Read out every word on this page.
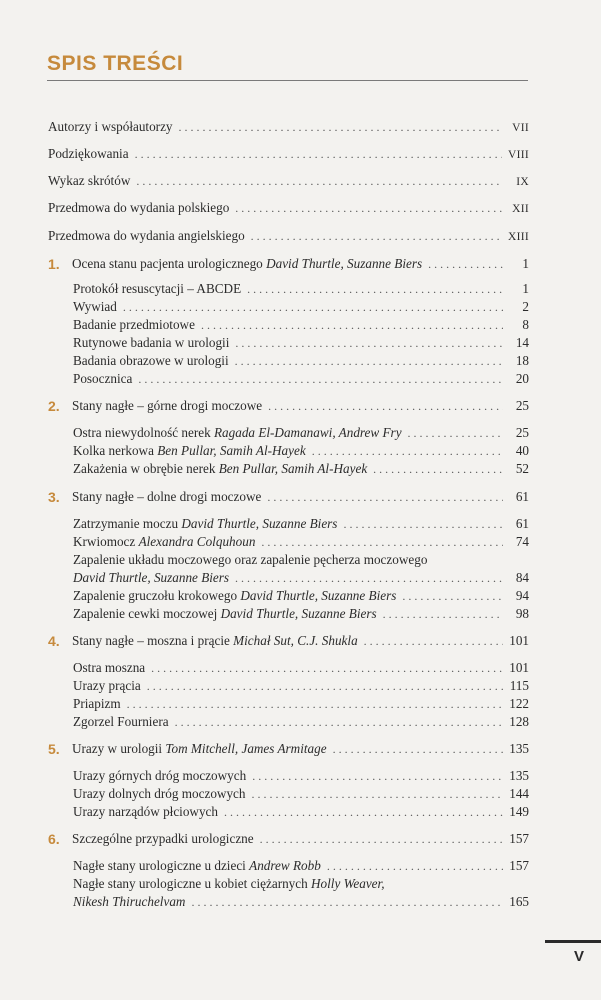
SPIS TREŚCI
Autorzy i współautorzy . . .	VII
Podziękowania . . .	VIII
Wykaz skrótów . . .	IX
Przedmowa do wydania polskiego . . .	XII
Przedmowa do wydania angielskiego . . .	XIII
1. Ocena stanu pacjenta urologicznego David Thurtle, Suzanne Biers . . .	1
Protokół resuscytacji – ABCDE . . .	1
Wywiad . . .	2
Badanie przedmiotowe . . .	8
Rutynowe badania w urologii . . .	14
Badania obrazowe w urologii . . .	18
Posocznica . . .	20
2. Stany nagłe – górne drogi moczowe . . .	25
Ostra niewydolność nerek Ragada El-Damanawi, Andrew Fry . . .	25
Kolka nerkowa Ben Pullar, Samih Al-Hayek . . .	40
Zakażenia w obrębie nerek Ben Pullar, Samih Al-Hayek . . .	52
3. Stany nagłe – dolne drogi moczowe . . .	61
Zatrzymanie moczu David Thurtle, Suzanne Biers . . .	61
Krwiomocz Alexandra Colquhoun . . .	74
Zapalenie układu moczowego oraz zapalenie pęcherza moczowego
David Thurtle, Suzanne Biers . . .	84
Zapalenie gruczołu krokowego David Thurtle, Suzanne Biers . . .	94
Zapalenie cewki moczowej David Thurtle, Suzanne Biers . . .	98
4. Stany nagłe – moszna i prącie Michał Sut, C.J. Shukla . . .	101
Ostra moszna . . .	101
Urazy prącia . . .	115
Priapizm . . .	122
Zgorzel Fourniera . . .	128
5. Urazy w urologii Tom Mitchell, James Armitage . . .	135
Urazy górnych dróg moczowych . . .	135
Urazy dolnych dróg moczowych . . .	144
Urazy narządów płciowych . . .	149
6. Szczególne przypadki urologiczne . . .	157
Nagłe stany urologiczne u dzieci Andrew Robb . . .	157
Nagłe stany urologiczne u kobiet ciężarnych Holly Weaver,
Nikesh Thiruchelvam . . .	165
V
